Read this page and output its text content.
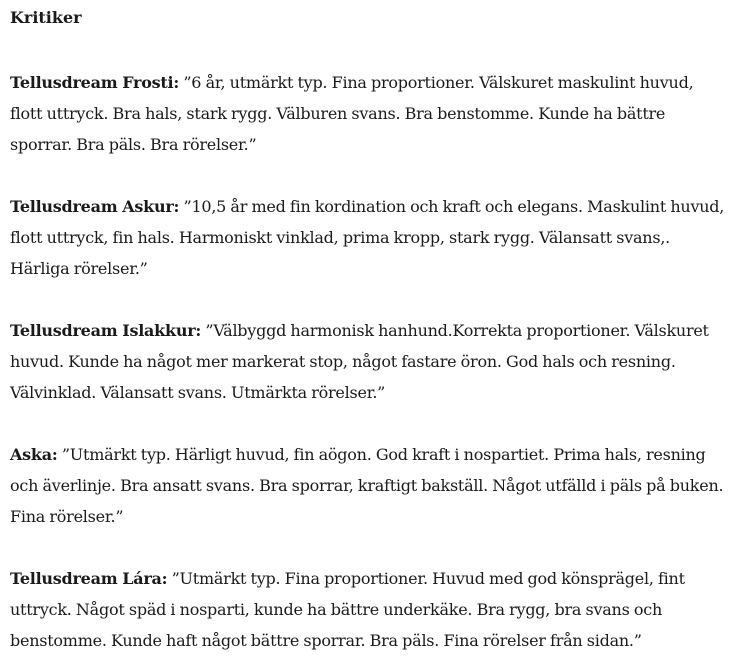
Kritiker

Tellusdream Frosti: ”6 år, utmärkt typ. Fina proportioner. Välskuret maskulint huvud, flott uttryck. Bra hals, stark rygg. Välburen svans. Bra benstomme. Kunde ha bättre sporrar. Bra päls. Bra rörelser.”

Tellusdream Askur: ”10,5 år med fin kordination och kraft och elegans. Maskulint huvud, flott uttryck, fin hals. Harmoniskt vinklad, prima kropp, stark rygg. Välansatt svans,. Härliga rörelser.”

Tellusdream Islakkur: ”Välbyggd harmonisk hanhund.Korrekta proportioner. Välskuret huvud. Kunde ha något mer markerat stop, något fastare öron. God hals och resning. Välvinklad. Välansatt svans. Utmärkta rörelser.”

Aska: ”Utmärkt typ. Härligt huvud, fin aögon. God kraft i nospartiet. Prima hals, resning och äverlinje. Bra ansatt svans. Bra sporrar, kraftigt bakställ. Något utfälld i päls på buken. Fina rörelser.”

Tellusdream Lára: ”Utmärkt typ. Fina proportioner. Huvud med god könsprägel, fint uttryck. Något späd i nosparti, kunde ha bättre underkäke. Bra rygg, bra svans och benstomme. Kunde haft något bättre sporrar. Bra päls. Fina rörelser från sidan.”
